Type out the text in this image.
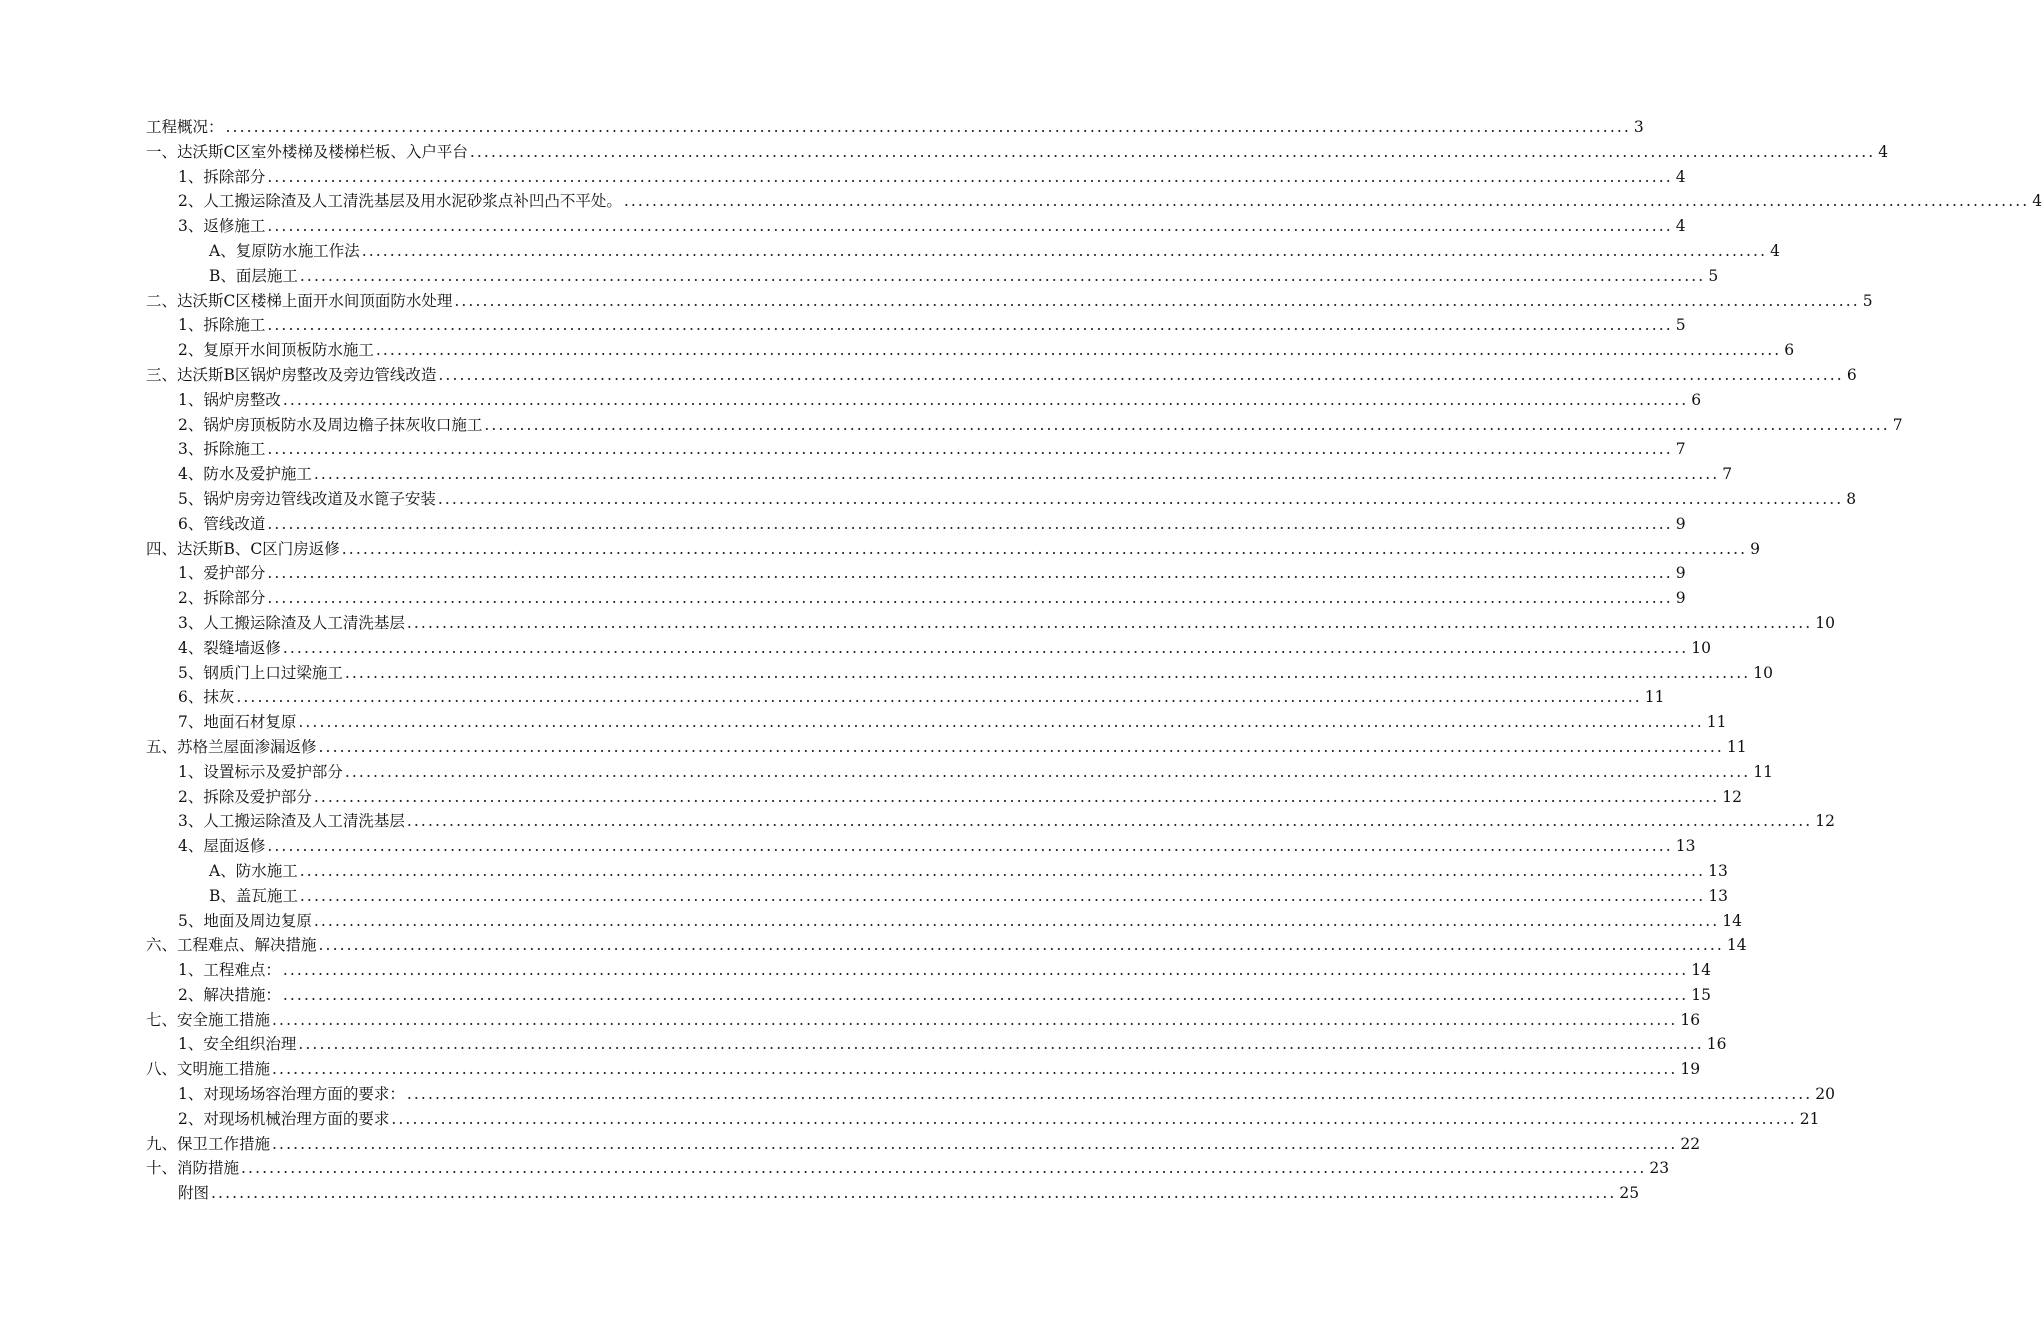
工程概况： ........................................................................................................................................................................................................ 3
一、达沃斯C区室外楼梯及楼梯栏板、入户平台 ........................................................................................................................................................................................................ 4
1、拆除部分 ........................................................................................................................................................................................................ 4
2、人工搬运除渣及人工清洗基层及用水泥砂浆点补凹凸不平处。 ........................................................................................................................................................................................................ 4
3、返修施工 ........................................................................................................................................................................................................ 4
A、复原防水施工作法 ........................................................................................................................................................................................................ 4
B、面层施工 ........................................................................................................................................................................................................ 5
二、达沃斯C区楼梯上面开水间顶面防水处理 ........................................................................................................................................................................................................ 5
1、拆除施工 ........................................................................................................................................................................................................ 5
2、复原开水间顶板防水施工 ........................................................................................................................................................................................................ 6
三、达沃斯B区锅炉房整改及旁边管线改造 ........................................................................................................................................................................................................ 6
1、锅炉房整改 ........................................................................................................................................................................................................ 6
2、锅炉房顶板防水及周边檐子抹灰收口施工 ........................................................................................................................................................................................................ 7
3、拆除施工 ........................................................................................................................................................................................................ 7
4、防水及爱护施工 ........................................................................................................................................................................................................ 7
5、锅炉房旁边管线改道及水篦子安装 ........................................................................................................................................................................................................ 8
6、管线改道 ........................................................................................................................................................................................................ 9
四、达沃斯B、C区门房返修 ........................................................................................................................................................................................................ 9
1、爱护部分 ........................................................................................................................................................................................................ 9
2、拆除部分 ........................................................................................................................................................................................................ 9
3、人工搬运除渣及人工清洗基层 ........................................................................................................................................................................................................ 10
4、裂缝墙返修 ........................................................................................................................................................................................................ 10
5、钢质门上口过梁施工 ........................................................................................................................................................................................................ 10
6、抹灰 ........................................................................................................................................................................................................ 11
7、地面石材复原 ........................................................................................................................................................................................................ 11
五、苏格兰屋面渗漏返修 ........................................................................................................................................................................................................ 11
1、设置标示及爱护部分 ........................................................................................................................................................................................................ 11
2、拆除及爱护部分 ........................................................................................................................................................................................................ 12
3、人工搬运除渣及人工清洗基层 ........................................................................................................................................................................................................ 12
4、屋面返修 ........................................................................................................................................................................................................ 13
A、防水施工 ........................................................................................................................................................................................................ 13
B、盖瓦施工 ........................................................................................................................................................................................................ 13
5、地面及周边复原 ........................................................................................................................................................................................................ 14
六、工程难点、解决措施 ........................................................................................................................................................................................................ 14
1、工程难点： ........................................................................................................................................................................................................ 14
2、解决措施： ........................................................................................................................................................................................................ 15
七、安全施工措施 ........................................................................................................................................................................................................ 16
1、安全组织治理 ........................................................................................................................................................................................................ 16
八、文明施工措施 ........................................................................................................................................................................................................ 19
1、对现场场容治理方面的要求： ........................................................................................................................................................................................................ 20
2、对现场机械治理方面的要求 ........................................................................................................................................................................................................ 21
九、保卫工作措施 ........................................................................................................................................................................................................ 22
十、消防措施 ........................................................................................................................................................................................................ 23
附图 ........................................................................................................................................................................................................ 25
